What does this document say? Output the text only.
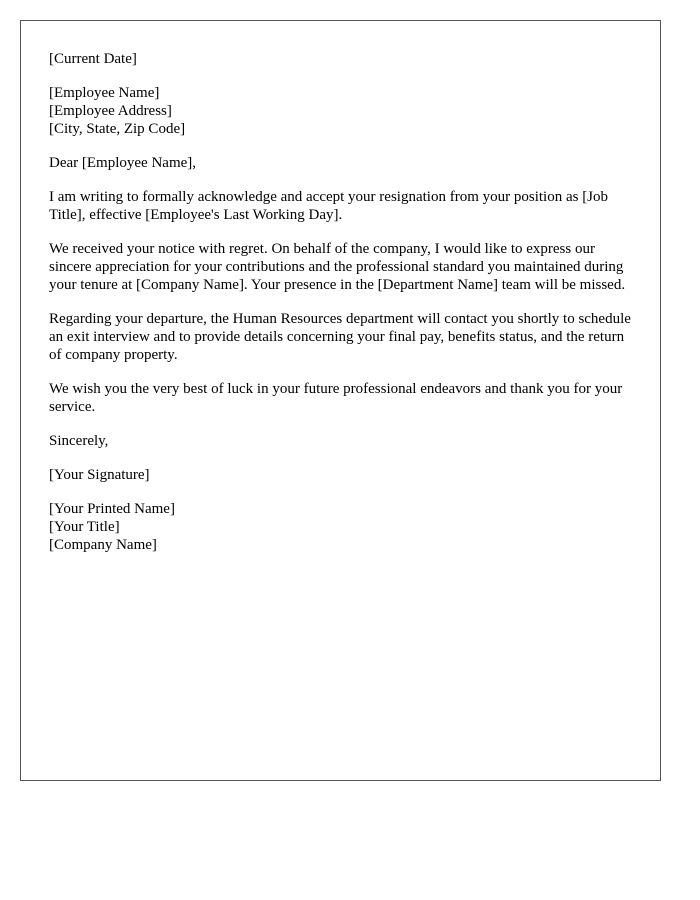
[Current Date]
[Employee Name]
[Employee Address]
[City, State, Zip Code]

Dear [Employee Name],

I am writing to formally acknowledge and accept your resignation from your position as [Job Title], effective [Employee's Last Working Day].

We received your notice with regret. On behalf of the company, I would like to express our sincere appreciation for your contributions and the professional standard you maintained during your tenure at [Company Name]. Your presence in the [Department Name] team will be missed.

Regarding your departure, the Human Resources department will contact you shortly to schedule an exit interview and to provide details concerning your final pay, benefits status, and the return of company property.

We wish you the very best of luck in your future professional endeavors and thank you for your service.

Sincerely,

[Your Signature]

[Your Printed Name]
[Your Title]
[Company Name]
